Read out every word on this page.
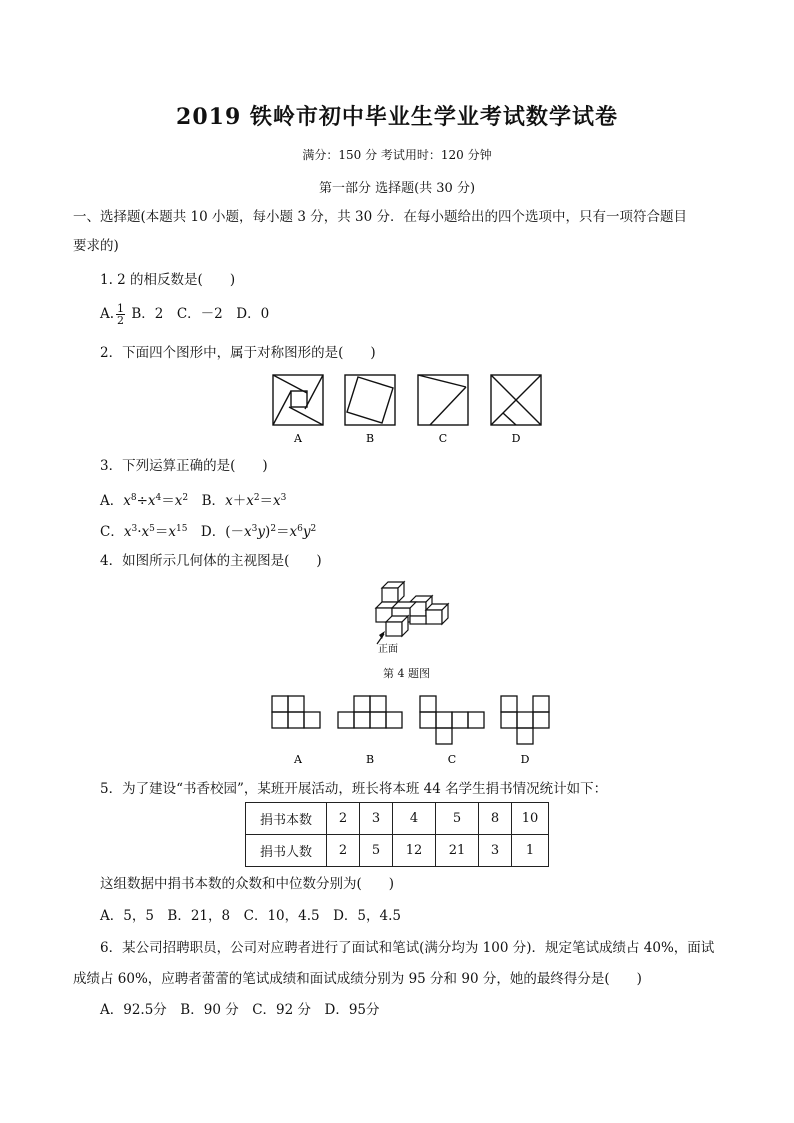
2019 铁岭市初中毕业生学业考试数学试卷
满分：150 分 考试用时：120 分钟
第一部分 选择题(共 30 分)
一、选择题(本题共 10 小题，每小题 3 分，共 30 分．在每小题给出的四个选项中，只有一项符合题目
要求的)
1. 2 的相反数是(　　)
A. $\frac{1}{2}$ B．2　C．－2　D．0
2．下面四个图形中，属于对称图形的是(　　)
A	B	C	D
3．下列运算正确的是(　　)
A．$x^8\div x^4=x^2$　B．$x+x^2=x^3$
C．$x^3\cdot x^5=x^{15}$　D．$(-x^3y)^2=x^6y^2$
4．如图所示几何体的主视图是(　　)
正面
第 4 题图
A	B	C	D
5．为了建设“书香校园”，某班开展活动，班长将本班 44 名学生捐书情况统计如下：
捐书本数	2	3	4	5	8	10
捐书人数	2	5	12	21	3	1
这组数据中捐书本数的众数和中位数分别为(　　)
A．5，5　B．21，8　C．10，4.5　D．5，4.5
6．某公司招聘职员，公司对应聘者进行了面试和笔试(满分均为 100 分)．规定笔试成绩占 40%，面试
成绩占 60%，应聘者蕾蕾的笔试成绩和面试成绩分别为 95 分和 90 分，她的最终得分是(　　)
A．92.5分　B．90 分　C．92 分　D．95分
